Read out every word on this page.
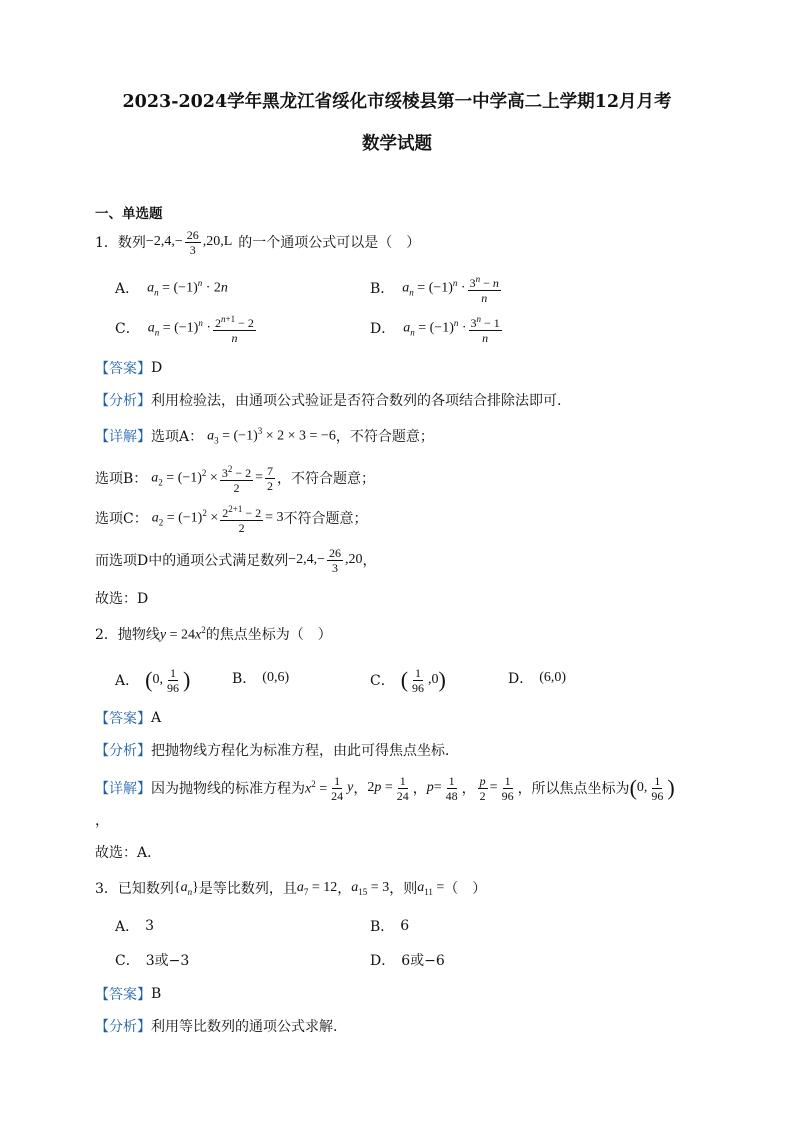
2023-2024学年黑龙江省绥化市绥棱县第一中学高二上学期12月月考
数学试题
一、单选题
1． 数列 $-2,4,- \frac{26}{3} ,20,L$ 的一个通项公式可以是（　）
A． $a_n = (-1)^n \cdot 2n$	B． $a_n = (-1)^n \cdot \frac{3^n - n}{n}$
C． $a_n = (-1)^n \cdot \frac{2^{n+1} - 2}{n}$	D． $a_n = (-1)^n \cdot \frac{3^n - 1}{n}$
【答案】 D
【分析】 利用检验法，由通项公式验证是否符合数列的各项结合排除法即可.
【详解】 选项A： $a_3 = (-1)^3 \times 2 \times 3 = -6$ ，不符合题意；
选项B： $a_2 = (-1)^2 \times \frac{3^2 - 2}{2} = \frac{7}{2}$ ，不符合题意；
选项C： $a_2 = (-1)^2 \times \frac{2^{2+1} - 2}{2} = 3$ 不符合题意；
而选项D中的通项公式满足数列 $-2,4,- \frac{26}{3} ,20$ ，
故选：D
2． 抛物线 $y = 24x^2$ 的焦点坐标为（　）
A． ( 0, $\frac{1}{96}$ )	B． (0,6)	C． ( $\frac{1}{96} ,0$ )	D． (6,0)
【答案】 A
【分析】 把抛物线方程化为标准方程，由此可得焦点坐标．
【详解】 因为抛物线的标准方程为 $x^2 = \frac{1}{24}$ y ， $2p = \frac{1}{24}$ ， $p = \frac{1}{48}$ ， $\frac{p}{2} = \frac{1}{96}$ ，所以焦点坐标为 ( 0, $\frac{1}{96}$ )
，
故选：A．
3． 已知数列 $\{a_n\}$ 是等比数列，且 $a_7 = 12$ ， $a_{15} = 3$ ，则 $a_{11}$ = （　）
A． 3	B． 6
C． 3或−3	D． 6或−6
【答案】 B
【分析】 利用等比数列的通项公式求解.
